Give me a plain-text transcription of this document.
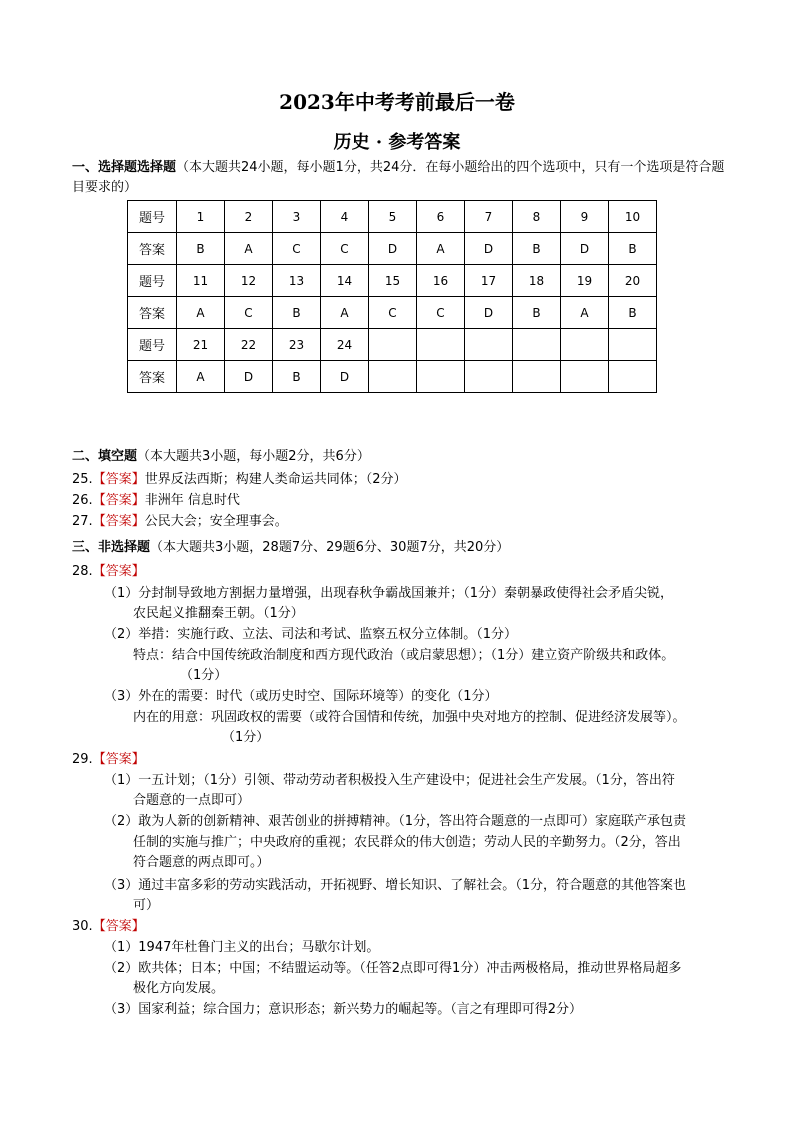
2023年中考考前最后一卷
历史 · 参考答案
一、选择题选择题（本大题共24小题，每小题1分，共24分．在每小题给出的四个选项中，只有一个选项是符合题目要求的）
题号	1	2	3	4	5	6	7	8	9	10
答案	B	A	C	C	D	A	D	B	D	B
题号	11	12	13	14	15	16	17	18	19	20
答案	A	C	B	A	C	C	D	B	A	B
题号	21	22	23	24						
答案	A	D	B	D						
二、填空题（本大题共3小题，每小题2分，共6分）
25.【答案】世界反法西斯；构建人类命运共同体；（2分）
26.【答案】非洲年 信息时代
27.【答案】公民大会；安全理事会。
三、非选择题（本大题共3小题，28题7分、29题6分、30题7分，共20分）
28.【答案】
（1）分封制导致地方割据力量增强，出现春秋争霸战国兼并；（1分）秦朝暴政使得社会矛盾尖锐，
农民起义推翻秦王朝。（1分）
（2）举措：实施行政、立法、司法和考试、监察五权分立体制。（1分）
特点：结合中国传统政治制度和西方现代政治（或启蒙思想）；（1分）建立资产阶级共和政体。
（1分）
（3）外在的需要：时代（或历史时空、国际环境等）的变化（1分）
内在的用意：巩固政权的需要（或符合国情和传统，加强中央对地方的控制、促进经济发展等）。
（1分）
29.【答案】
（1）一五计划；（1分）引领、带动劳动者积极投入生产建设中；促进社会生产发展。（1分，答出符
合题意的一点即可）
（2）敢为人新的创新精神、艰苦创业的拼搏精神。（1分，答出符合题意的一点即可）家庭联产承包责
任制的实施与推广；中央政府的重视；农民群众的伟大创造；劳动人民的辛勤努力。（2分，答出
符合题意的两点即可。）
（3）通过丰富多彩的劳动实践活动，开拓视野、增长知识、了解社会。（1分，符合题意的其他答案也
可）
30.【答案】
（1）1947年杜鲁门主义的出台；马歇尔计划。
（2）欧共体；日本；中国；不结盟运动等。（任答2点即可得1分）冲击两极格局，推动世界格局超多
极化方向发展。
（3）国家利益；综合国力；意识形态；新兴势力的崛起等。（言之有理即可得2分）
